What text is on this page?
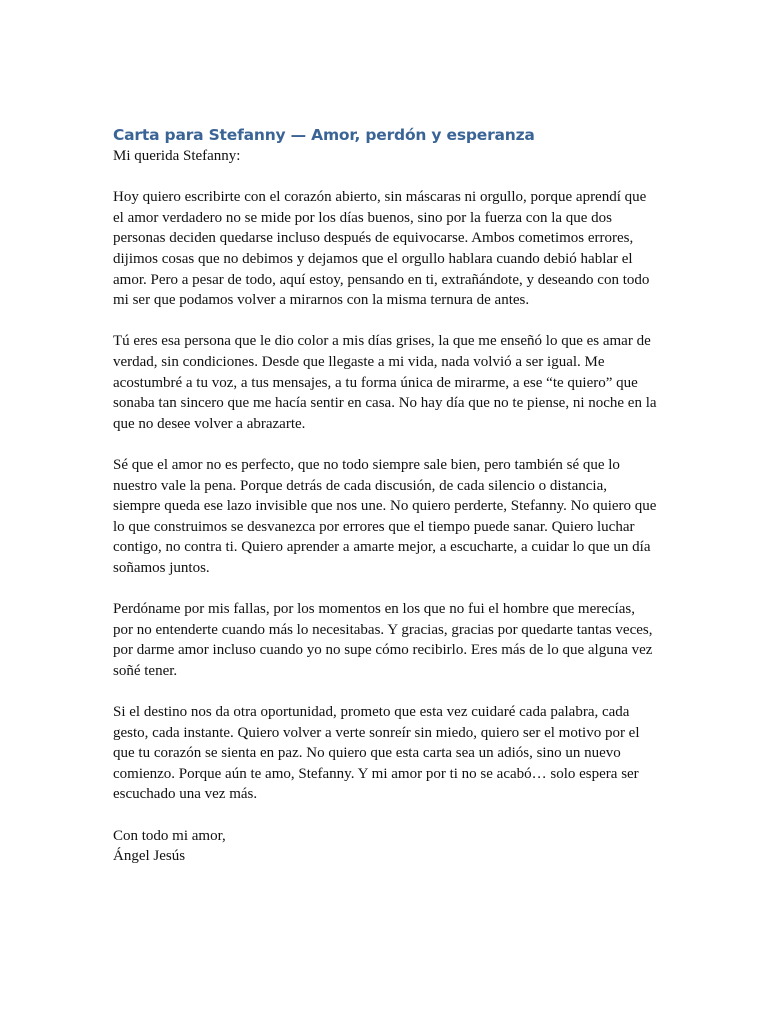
Carta para Stefanny — Amor, perdón y esperanza

Mi querida Stefanny:

Hoy quiero escribirte con el corazón abierto, sin máscaras ni orgullo, porque aprendí que el amor verdadero no se mide por los días buenos, sino por la fuerza con la que dos personas deciden quedarse incluso después de equivocarse. Ambos cometimos errores, dijimos cosas que no debimos y dejamos que el orgullo hablara cuando debió hablar el amor. Pero a pesar de todo, aquí estoy, pensando en ti, extrañándote, y deseando con todo mi ser que podamos volver a mirarnos con la misma ternura de antes.

Tú eres esa persona que le dio color a mis días grises, la que me enseñó lo que es amar de verdad, sin condiciones. Desde que llegaste a mi vida, nada volvió a ser igual. Me acostumbré a tu voz, a tus mensajes, a tu forma única de mirarme, a ese “te quiero” que sonaba tan sincero que me hacía sentir en casa. No hay día que no te piense, ni noche en la que no desee volver a abrazarte.

Sé que el amor no es perfecto, que no todo siempre sale bien, pero también sé que lo nuestro vale la pena. Porque detrás de cada discusión, de cada silencio o distancia, siempre queda ese lazo invisible que nos une. No quiero perderte, Stefanny. No quiero que lo que construimos se desvanezca por errores que el tiempo puede sanar. Quiero luchar contigo, no contra ti. Quiero aprender a amarte mejor, a escucharte, a cuidar lo que un día soñamos juntos.

Perdóname por mis fallas, por los momentos en los que no fui el hombre que merecías, por no entenderte cuando más lo necesitabas. Y gracias, gracias por quedarte tantas veces, por darme amor incluso cuando yo no supe cómo recibirlo. Eres más de lo que alguna vez soñé tener.

Si el destino nos da otra oportunidad, prometo que esta vez cuidaré cada palabra, cada gesto, cada instante. Quiero volver a verte sonreír sin miedo, quiero ser el motivo por el que tu corazón se sienta en paz. No quiero que esta carta sea un adiós, sino un nuevo comienzo. Porque aún te amo, Stefanny. Y mi amor por ti no se acabó… solo espera ser escuchado una vez más.

Con todo mi amor,

Ángel Jesús
